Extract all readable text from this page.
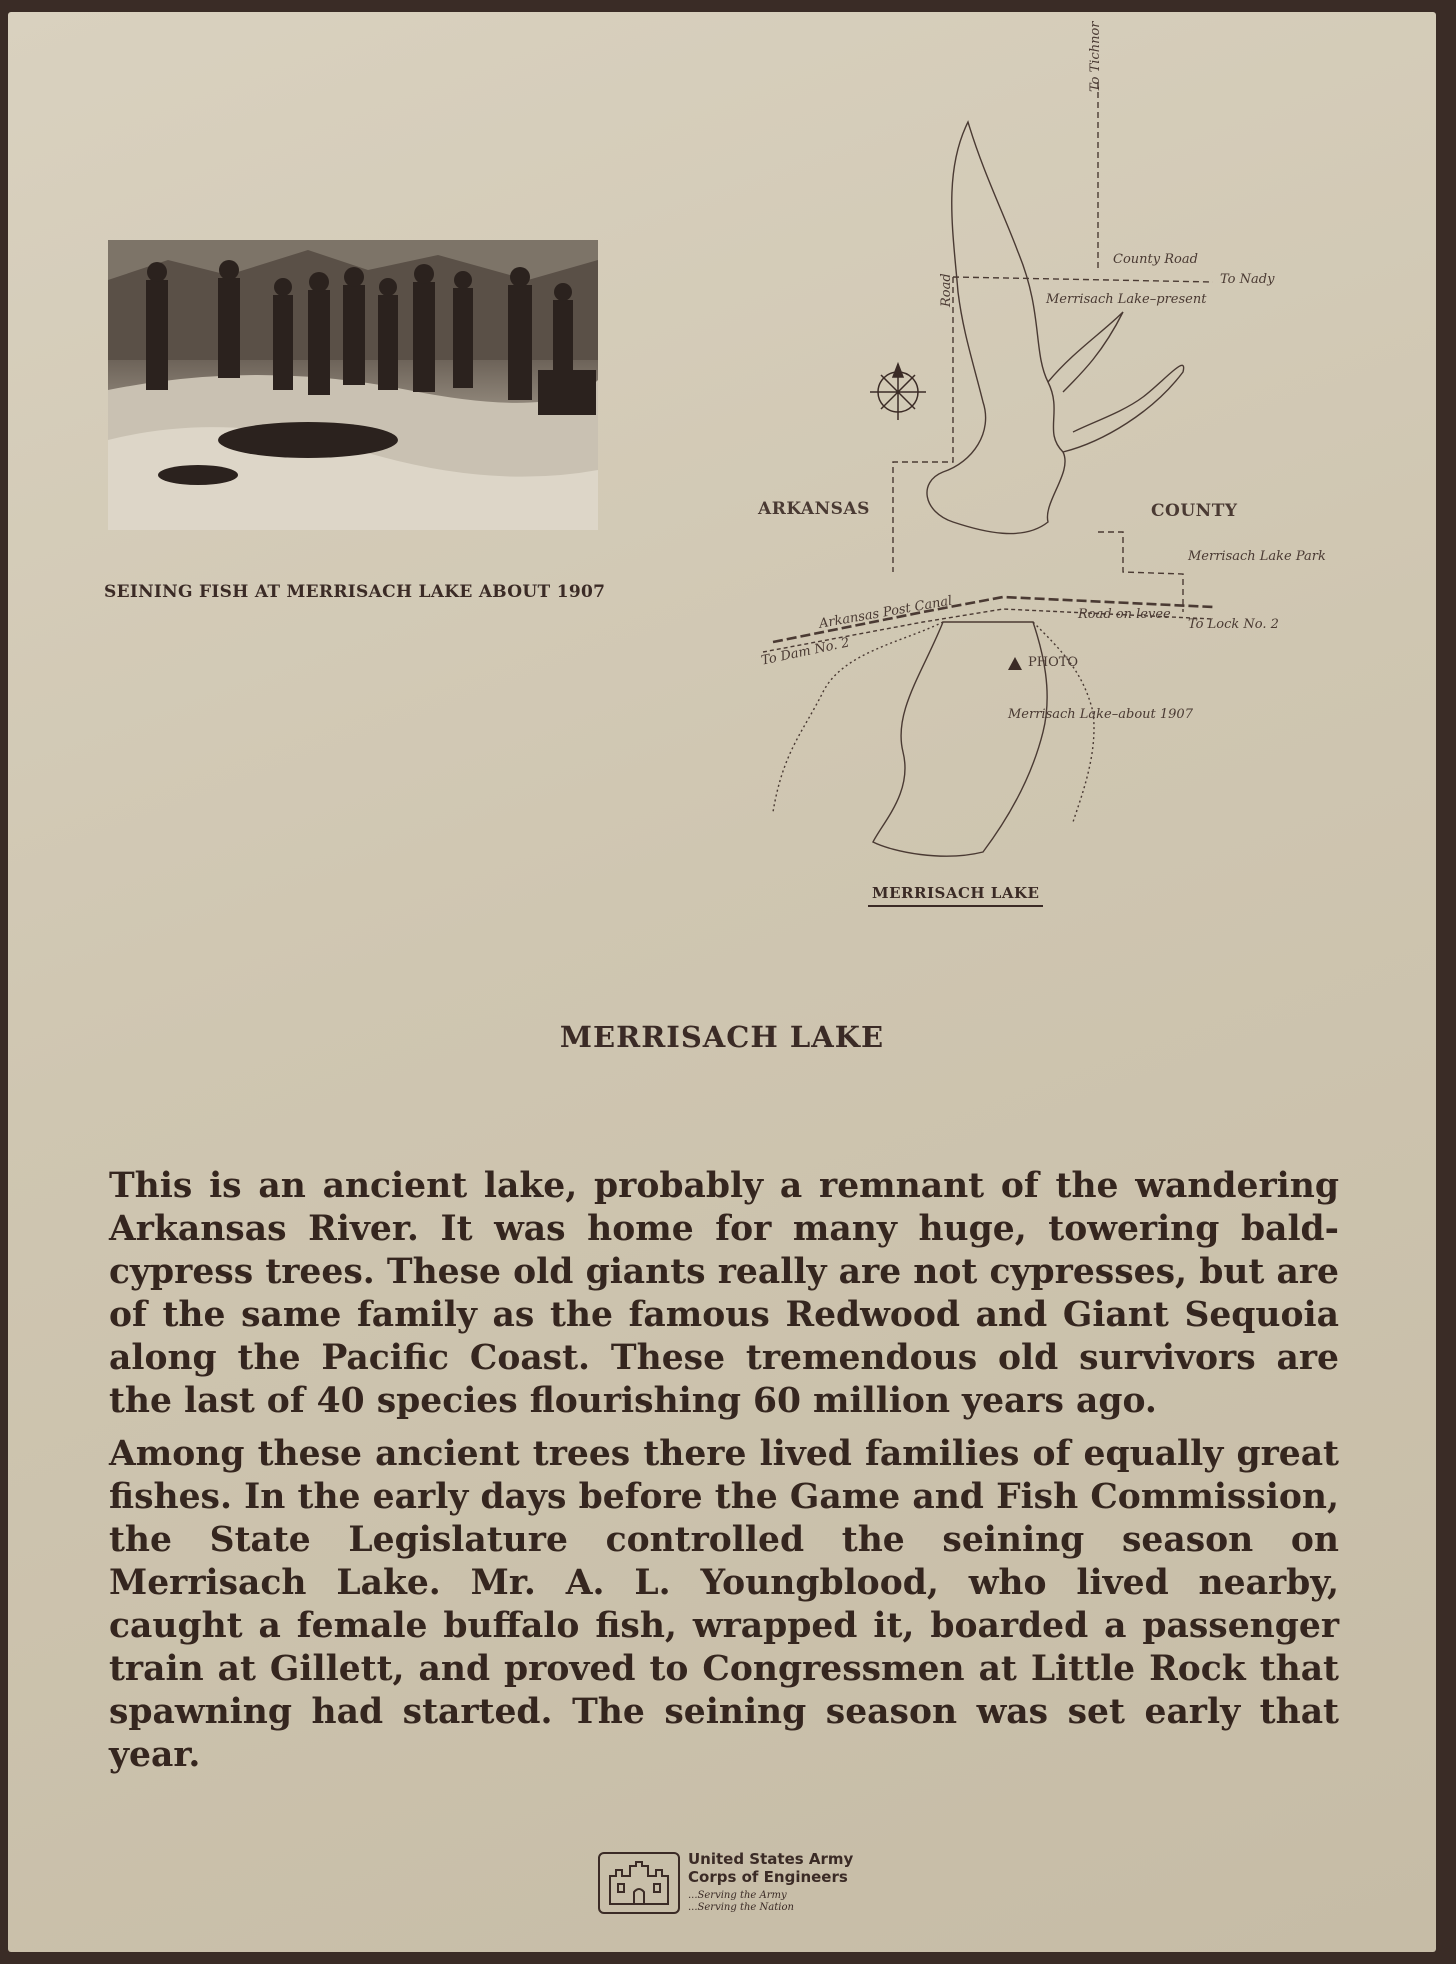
SEINING FISH AT MERRISACH LAKE ABOUT 1907
To Tichnor
County Road
To Nady
Road	Merrisach Lake–present
ARKANSAS	COUNTY
Merrisach Lake Park
Arkansas Post Canal	Road on levee
To Lock No. 2
To Dam No. 2	PHOTO
Merrisach Lake–about 1907
MERRISACH LAKE
MERRISACH LAKE

This is an ancient lake, probably a remnant of the wandering Arkansas River. It was home for many huge, towering bald-cypress trees. These old giants really are not cypresses, but are of the same family as the famous Redwood and Giant Sequoia along the Pacific Coast. These tremendous old survivors are the last of 40 species flourishing 60 million years ago.

Among these ancient trees there lived families of equally great fishes. In the early days before the Game and Fish Commission, the State Legislature controlled the seining season on Merrisach Lake. Mr. A. L. Youngblood, who lived nearby, caught a female buffalo fish, wrapped it, boarded a passenger train at Gillett, and proved to Congressmen at Little Rock that spawning had started. The seining season was set early that year.

United States Army
Corps of Engineers
...Serving the Army
...Serving the Nation
